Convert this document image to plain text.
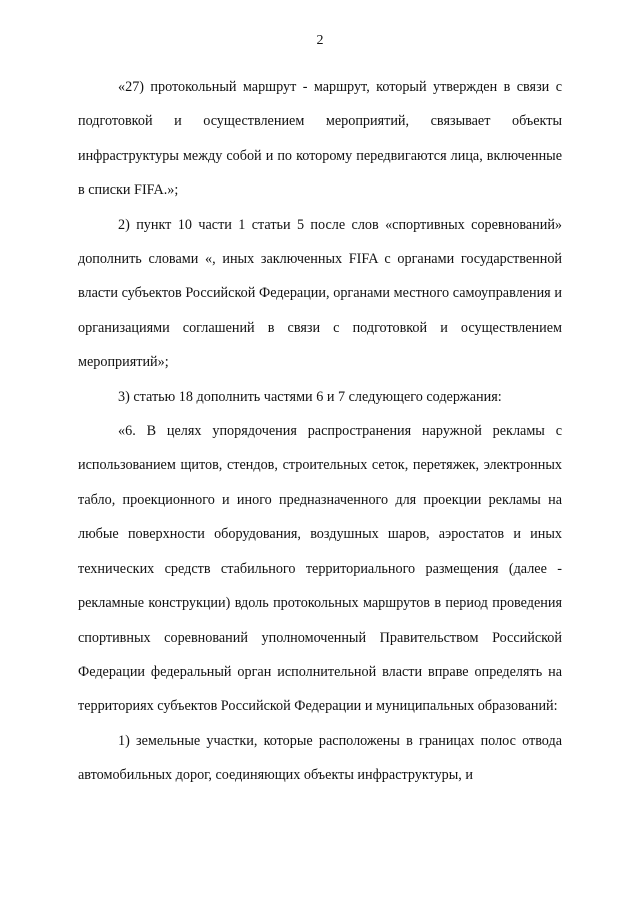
2

«27) протокольный маршрут - маршрут, который утвержден в связи с подготовкой и осуществлением мероприятий, связывает объекты инфраструктуры между собой и по которому передвигаются лица, включенные в списки FIFA.»;

2) пункт 10 части 1 статьи 5 после слов «спортивных соревнований» дополнить словами «, иных заключенных FIFA с органами государственной власти субъектов Российской Федерации, органами местного самоуправления и организациями соглашений в связи с подготовкой и осуществлением мероприятий»;

3) статью 18 дополнить частями 6 и 7 следующего содержания:

«6. В целях упорядочения распространения наружной рекламы с использованием щитов, стендов, строительных сеток, перетяжек, электронных табло, проекционного и иного предназначенного для проекции рекламы на любые поверхности оборудования, воздушных шаров, аэростатов и иных технических средств стабильного территориального размещения (далее - рекламные конструкции) вдоль протокольных маршрутов в период проведения спортивных соревнований уполномоченный Правительством Российской Федерации федеральный орган исполнительной власти вправе определять на территориях субъектов Российской Федерации и муниципальных образований:

1) земельные участки, которые расположены в границах полос отвода автомобильных дорог, соединяющих объекты инфраструктуры, и
